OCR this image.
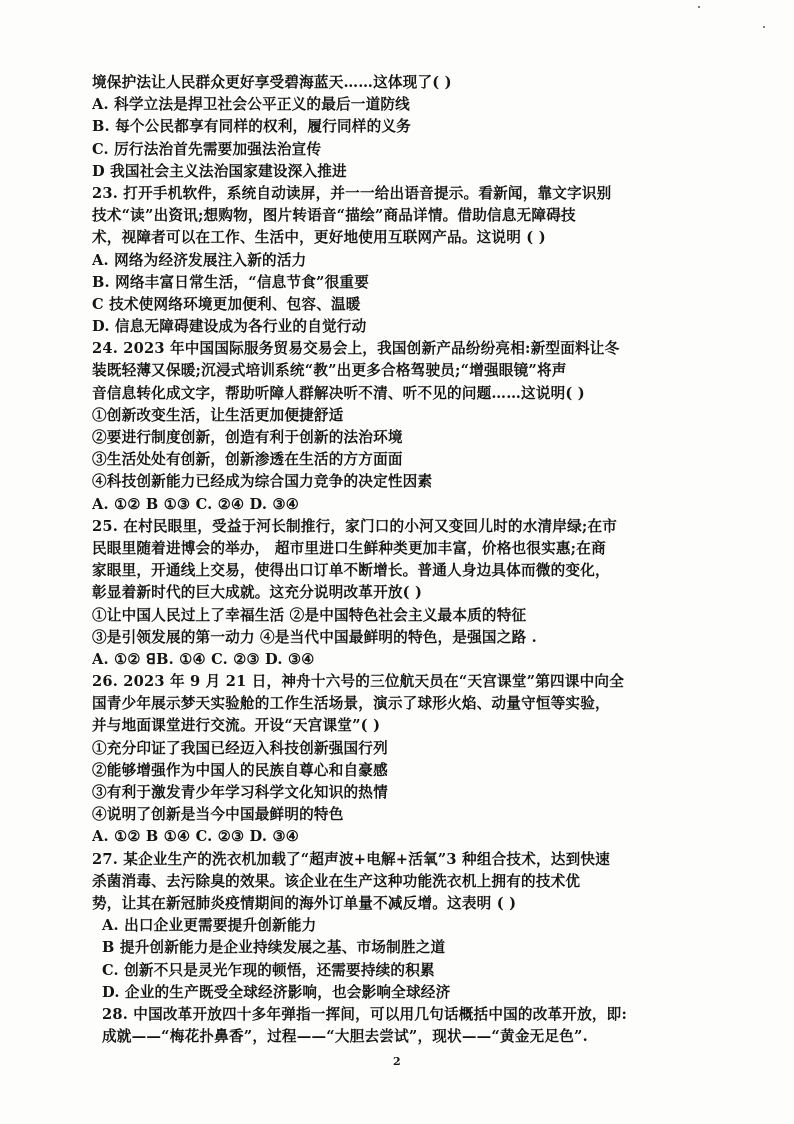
境保护法让人民群众更好享受碧海蓝天……这体现了( )
A. 科学立法是捍卫社会公平正义的最后一道防线
B. 每个公民都享有同样的权利，履行同样的义务
C. 厉行法治首先需要加强法治宣传
D 我国社会主义法治国家建设深入推进
23. 打开手机软件，系统自动读屏，并一一给出语音提示。看新闻，靠文字识别
技术“读”出资讯;想购物，图片转语音“描绘”商品详情。借助信息无障碍技
术，视障者可以在工作、生活中，更好地使用互联网产品。这说明 ( )
A. 网络为经济发展注入新的活力
B. 网络丰富日常生活，“信息节食”很重要
C 技术使网络环境更加便利、包容、温暖
D. 信息无障碍建设成为各行业的自觉行动
24. 2023 年中国国际服务贸易交易会上，我国创新产品纷纷亮相:新型面料让冬
装既轻薄又保暖;沉浸式培训系统“教”出更多合格驾驶员;“增强眼镜”将声
音信息转化成文字，帮助听障人群解决听不清、听不见的问题……这说明( )
①创新改变生活，让生活更加便捷舒适
②要进行制度创新，创造有利于创新的法治环境
③生活处处有创新，创新渗透在生活的方方面面
④科技创新能力已经成为综合国力竞争的决定性因素
A. ①② B ①③ C. ②④ D. ③④
25. 在村民眼里，受益于河长制推行，家门口的小河又变回儿时的水清岸绿;在市
民眼里随着进博会的举办， 超市里进口生鲜种类更加丰富，价格也很实惠;在商
家眼里，开通线上交易，使得出口订单不断增长。普通人身边具体而微的变化，
彰显着新时代的巨大成就。这充分说明改革开放( )
①让中国人民过上了幸福生活 ②是中国特色社会主义最本质的特征
③是引领发展的第一动力 ④是当代中国最鲜明的特色，是强国之路 .
A. ①② ꓭB. ①④ C. ②③ D. ③④
26. 2023 年 9 月 21 日，神舟十六号的三位航天员在“天宫课堂”第四课中向全
国青少年展示梦天实验舱的工作生活场景，演示了球形火焰、动量守恒等实验，
并与地面课堂进行交流。开设“天宫课堂”( )
①充分印证了我国已经迈入科技创新强国行列
②能够增强作为中国人的民族自尊心和自豪感
③有利于激发青少年学习科学文化知识的热情
④说明了创新是当今中国最鲜明的特色
A. ①② B ①④ C. ②③ D. ③④
27. 某企业生产的洗衣机加载了“超声波+电解+活氧”3 种组合技术，达到快速
杀菌消毒、去污除臭的效果。该企业在生产这种功能洗衣机上拥有的技术优
势，让其在新冠肺炎疫情期间的海外订单量不减反增。这表明 ( )
A. 出口企业更需要提升创新能力
B 提升创新能力是企业持续发展之基、市场制胜之道
C. 创新不只是灵光乍现的顿悟，还需要持续的积累
D. 企业的生产既受全球经济影响，也会影响全球经济
28. 中国改革开放四十多年弹指一挥间，可以用几句话概括中国的改革开放，即:
成就——“梅花扑鼻香”，过程——“大胆去尝试”，现状——“黄金无足色”.
2
